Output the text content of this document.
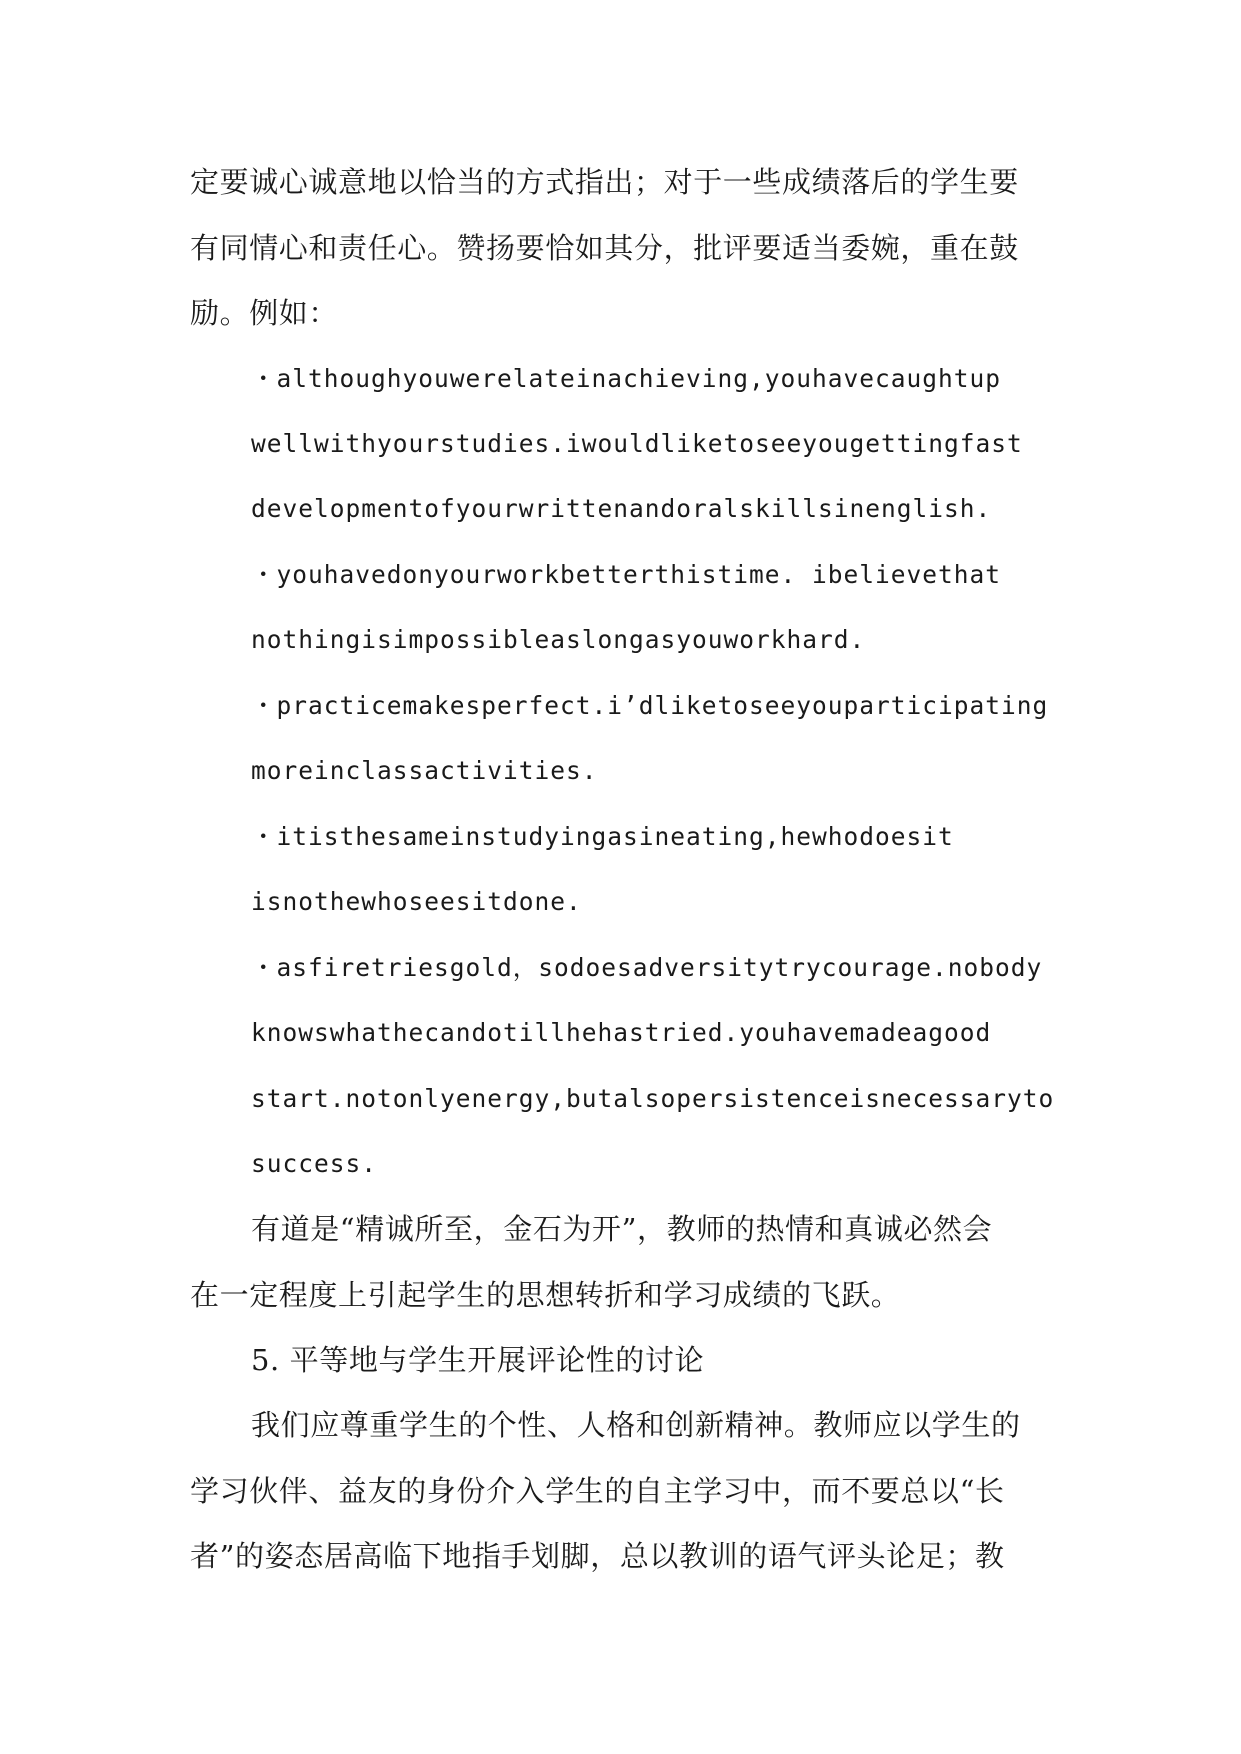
定要诚心诚意地以恰当的方式指出；对于一些成绩落后的学生要
有同情心和责任心。赞扬要恰如其分，批评要适当委婉，重在鼓
励。例如：
・althoughyouwerelateinachieving,youhavecaughtup
wellwithyourstudies.iwouldliketoseeyougettingfast
developmentofyourwrittenandoralskillsinenglish.
・youhavedonyourworkbetterthistime. ibelievethat
nothingisimpossibleaslongasyouworkhard.
・practicemakesperfect.i’dliketoseeyouparticipating
moreinclassactivities.
・itisthesameinstudyingasineating,hewhodoesit
isnothewhoseesitdone.
・asfiretriesgold，sodoesadversitytrycourage.nobody
knowswhathecandotillhehastried.youhavemadeagood
start.notonlyenergy,butalsopersistenceisnecessaryto
success.
有道是“精诚所至，金石为开”，教师的热情和真诚必然会
在一定程度上引起学生的思想转折和学习成绩的飞跃。
5. 平等地与学生开展评论性的讨论
我们应尊重学生的个性、人格和创新精神。教师应以学生的
学习伙伴、益友的身份介入学生的自主学习中，而不要总以“长
者”的姿态居高临下地指手划脚，总以教训的语气评头论足；教
